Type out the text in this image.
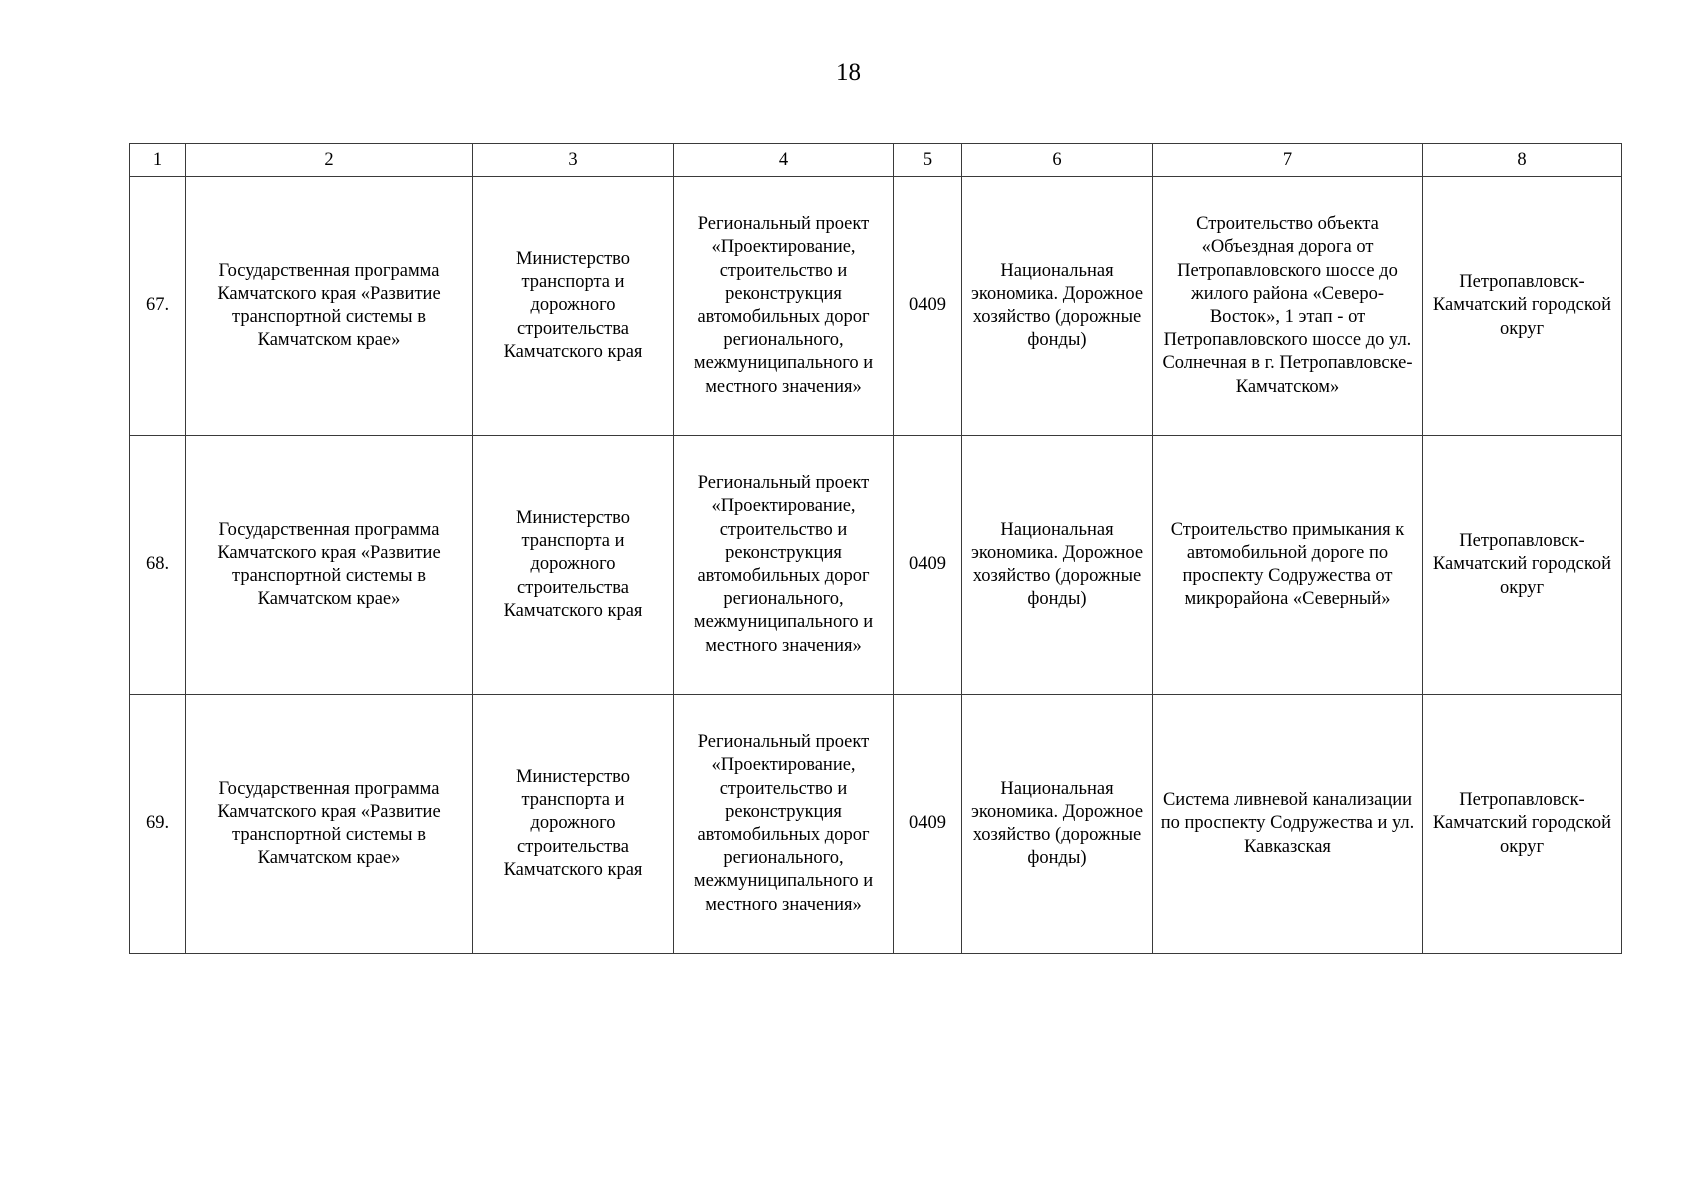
18
1	2	3	4	5	6	7	8
67.	Государственная программа Камчатского края «Развитие транспортной системы в Камчатском крае»	Министерство транспорта и дорожного строительства Камчатского края	Региональный проект «Проектирование, строительство и реконструкция автомобильных дорог регионального, межмуниципального и местного значения»	0409	Национальная экономика. Дорожное хозяйство (дорожные фонды)	Строительство объекта «Объездная дорога от Петропавловского шоссе до жилого района «Северо-Восток», 1 этап - от Петропавловского шоссе до ул. Солнечная в г. Петропавловске-Камчатском»	Петропавловск-Камчатский городской округ
68.	Государственная программа Камчатского края «Развитие транспортной системы в Камчатском крае»	Министерство транспорта и дорожного строительства Камчатского края	Региональный проект «Проектирование, строительство и реконструкция автомобильных дорог регионального, межмуниципального и местного значения»	0409	Национальная экономика. Дорожное хозяйство (дорожные фонды)	Строительство примыкания к автомобильной дороге по проспекту Содружества от микрорайона «Северный»	Петропавловск-Камчатский городской округ
69.	Государственная программа Камчатского края «Развитие транспортной системы в Камчатском крае»	Министерство транспорта и дорожного строительства Камчатского края	Региональный проект «Проектирование, строительство и реконструкция автомобильных дорог регионального, межмуниципального и местного значения»	0409	Национальная экономика. Дорожное хозяйство (дорожные фонды)	Система ливневой канализации по проспекту Содружества и ул. Кавказская	Петропавловск-Камчатский городской округ
